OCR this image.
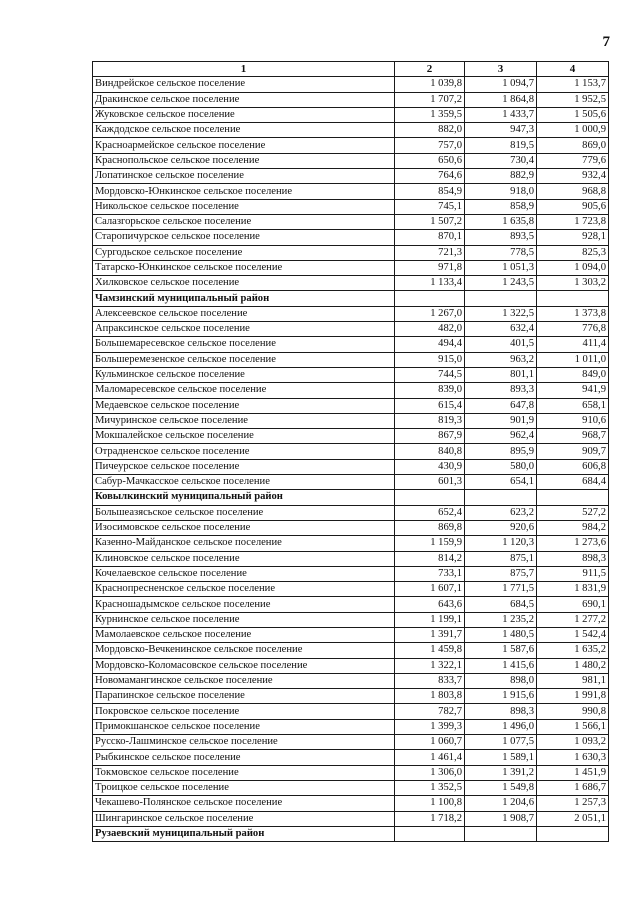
7
1	2	3	4
Виндрейское сельское поселение	1 039,8	1 094,7	1 153,7
Дракинское сельское поселение	1 707,2	1 864,8	1 952,5
Жуковское сельское поселение	1 359,5	1 433,7	1 505,6
Каждодское сельское поселение	882,0	947,3	1 000,9
Красноармейское сельское поселение	757,0	819,5	869,0
Краснопольское сельское поселение	650,6	730,4	779,6
Лопатинское сельское поселение	764,6	882,9	932,4
Мордовско-Юнкинское сельское поселение	854,9	918,0	968,8
Никольское сельское поселение	745,1	858,9	905,6
Салазгорьское сельское поселение	1 507,2	1 635,8	1 723,8
Старопичурское сельское поселение	870,1	893,5	928,1
Сургодьское сельское поселение	721,3	778,5	825,3
Татарско-Юнкинское сельское поселение	971,8	1 051,3	1 094,0
Хилковское сельское поселение	1 133,4	1 243,5	1 303,2
Чамзинский муниципальный район			
Алексеевское сельское поселение	1 267,0	1 322,5	1 373,8
Апраксинское сельское поселение	482,0	632,4	776,8
Большемаресевское сельское поселение	494,4	401,5	411,4
Большеремезенское сельское поселение	915,0	963,2	1 011,0
Кульминское сельское поселение	744,5	801,1	849,0
Маломаресевское сельское поселение	839,0	893,3	941,9
Медаевское сельское поселение	615,4	647,8	658,1
Мичуринское сельское поселение	819,3	901,9	910,6
Мокшалейское сельское поселение	867,9	962,4	968,7
Отрадненское сельское поселение	840,8	895,9	909,7
Пичеурское сельское поселение	430,9	580,0	606,8
Сабур-Мачкасское сельское поселение	601,3	654,1	684,4
Ковылкинский муниципальный район			
Большеазясьское сельское поселение	652,4	623,2	527,2
Изосимовское сельское поселение	869,8	920,6	984,2
Казенно-Майданское сельское поселение	1 159,9	1 120,3	1 273,6
Клиновское сельское поселение	814,2	875,1	898,3
Кочелаевское сельское поселение	733,1	875,7	911,5
Краснопресненское сельское поселение	1 607,1	1 771,5	1 831,9
Красношадымское сельское поселение	643,6	684,5	690,1
Курнинское сельское поселение	1 199,1	1 235,2	1 277,2
Мамолаевское сельское поселение	1 391,7	1 480,5	1 542,4
Мордовско-Вечкенинское сельское поселение	1 459,8	1 587,6	1 635,2
Мордовско-Коломасовское сельское поселение	1 322,1	1 415,6	1 480,2
Новомамангинское сельское поселение	833,7	898,0	981,1
Парапинское сельское поселение	1 803,8	1 915,6	1 991,8
Покровское сельское поселение	782,7	898,3	990,8
Примокшанское сельское поселение	1 399,3	1 496,0	1 566,1
Русско-Лашминское сельское поселение	1 060,7	1 077,5	1 093,2
Рыбкинское сельское поселение	1 461,4	1 589,1	1 630,3
Токмовское сельское поселение	1 306,0	1 391,2	1 451,9
Троицкое сельское поселение	1 352,5	1 549,8	1 686,7
Чекашево-Полянское сельское поселение	1 100,8	1 204,6	1 257,3
Шингаринское сельское поселение	1 718,2	1 908,7	2 051,1
Рузаевский муниципальный район			
